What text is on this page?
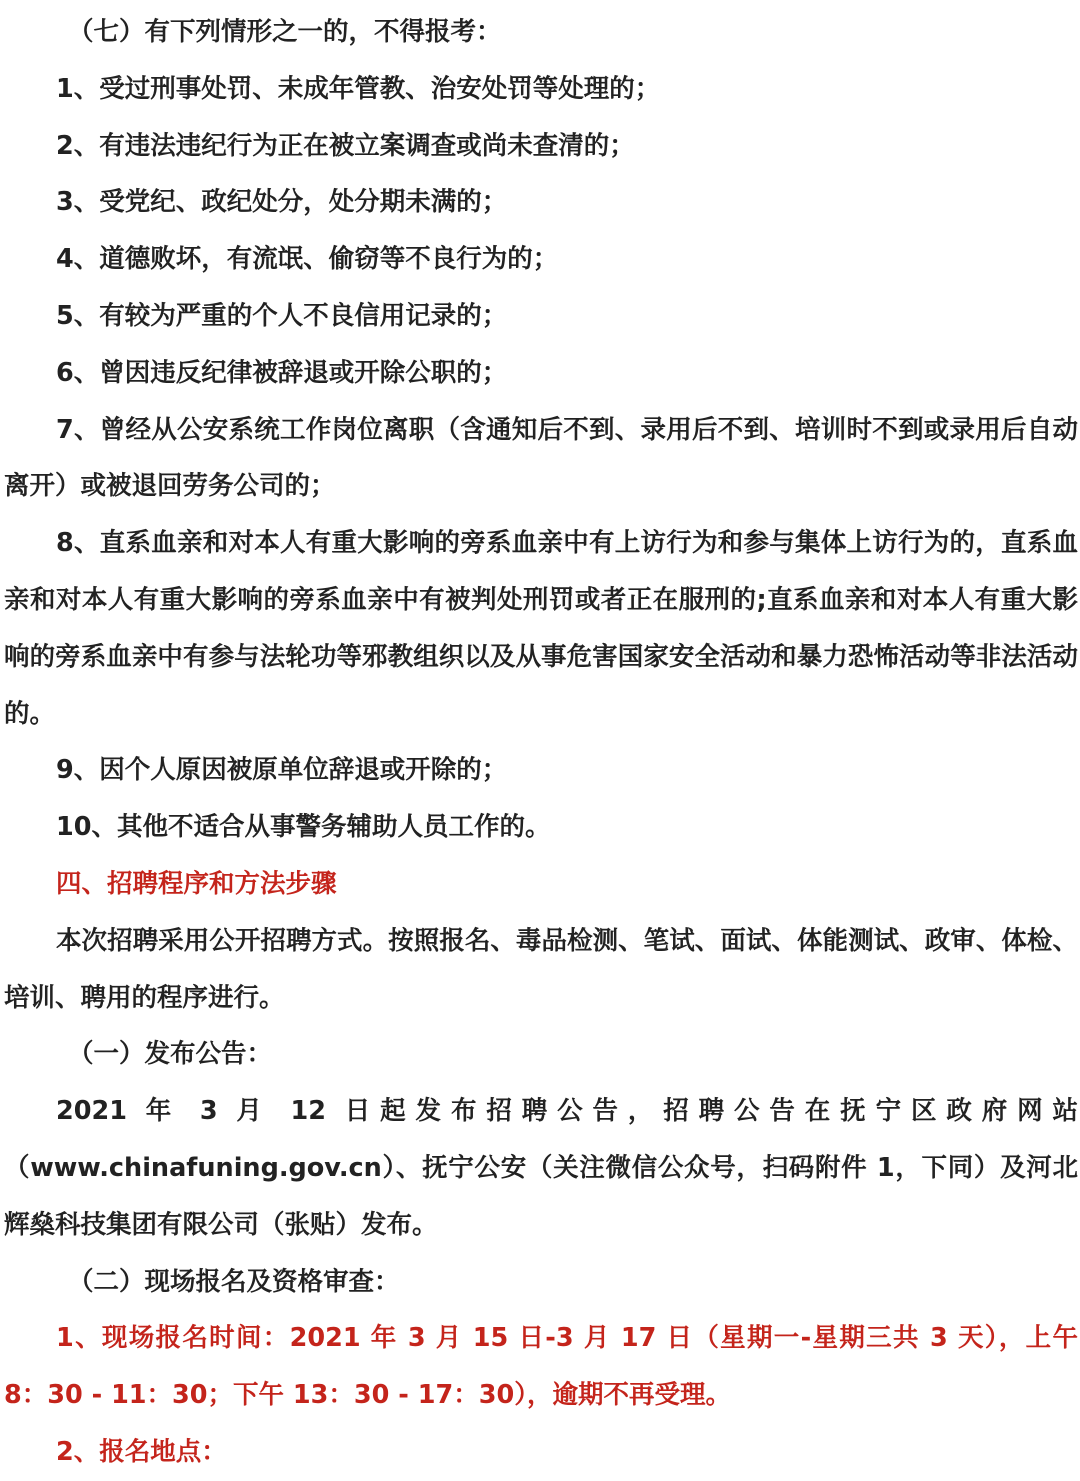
（七）有下列情形之一的，不得报考：

1、受过刑事处罚、未成年管教、治安处罚等处理的；

2、有违法违纪行为正在被立案调查或尚未查清的；

3、受党纪、政纪处分，处分期未满的；

4、道德败坏，有流氓、偷窃等不良行为的；

5、有较为严重的个人不良信用记录的；

6、曾因违反纪律被辞退或开除公职的；

7、曾经从公安系统工作岗位离职（含通知后不到、录用后不到、培训时不到或录用后自动离开）或被退回劳务公司的；

8、直系血亲和对本人有重大影响的旁系血亲中有上访行为和参与集体上访行为的，直系血亲和对本人有重大影响的旁系血亲中有被判处刑罚或者正在服刑的;直系血亲和对本人有重大影响的旁系血亲中有参与法轮功等邪教组织以及从事危害国家安全活动和暴力恐怖活动等非法活动的。

9、因个人原因被原单位辞退或开除的；

10、其他不适合从事警务辅助人员工作的。

四、招聘程序和方法步骤

本次招聘采用公开招聘方式。按照报名、毒品检测、笔试、面试、体能测试、政审、体检、培训、聘用的程序进行。

（一）发布公告：

2021 年 3 月 12 日起发布招聘公告，招聘公告在抚宁区政府网站

（www.chinafuning.gov.cn）、抚宁公安（关注微信公众号，扫码附件 1，下同）及河北辉燊科技集团有限公司（张贴）发布。

（二）现场报名及资格审查：

1、现场报名时间：2021 年 3 月 15 日-3 月 17 日（星期一-星期三共 3 天），上午 8：30 - 11：30；下午 13：30 - 17：30），逾期不再受理。

2、报名地点：
